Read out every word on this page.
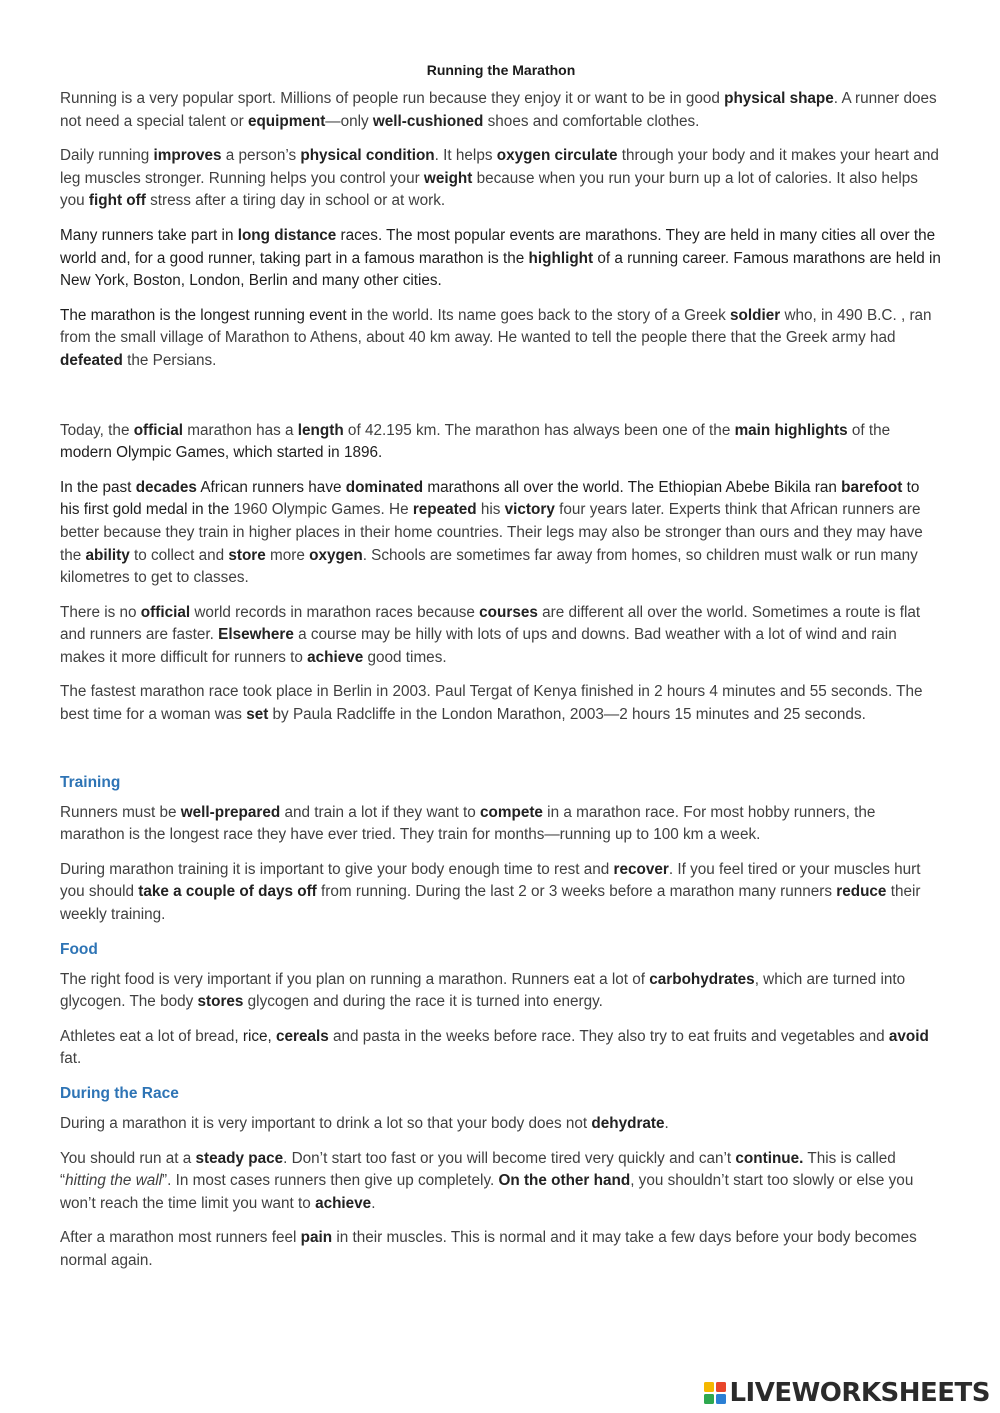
Running the Marathon

Running is a very popular sport. Millions of people run because they enjoy it or want to be in good physical shape. A runner does not need a special talent or equipment—only well-cushioned shoes and comfortable clothes.

Daily running improves a person’s physical condition. It helps oxygen circulate through your body and it makes your heart and leg muscles stronger. Running helps you control your weight because when you run your burn up a lot of calories. It also helps you fight off stress after a tiring day in school or at work.

Many runners take part in long distance races. The most popular events are marathons. They are held in many cities all over the world and, for a good runner, taking part in a famous marathon is the highlight of a running career. Famous marathons are held in New York, Boston, London, Berlin and many other cities.

The marathon is the longest running event in the world. Its name goes back to the story of a Greek soldier who, in 490 B.C. , ran from the small village of Marathon to Athens, about 40 km away. He wanted to tell the people there that the Greek army had defeated the Persians.

Today, the official marathon has a length of 42.195 km. The marathon has always been one of the main highlights of the modern Olympic Games, which started in 1896.

In the past decades African runners have dominated marathons all over the world. The Ethiopian Abebe Bikila ran barefoot to his first gold medal in the 1960 Olympic Games. He repeated his victory four years later. Experts think that African runners are better because they train in higher places in their home countries. Their legs may also be stronger than ours and they may have the ability to collect and store more oxygen. Schools are sometimes far away from homes, so children must walk or run many kilometres to get to classes.

There is no official world records in marathon races because courses are different all over the world. Sometimes a route is flat and runners are faster. Elsewhere a course may be hilly with lots of ups and downs. Bad weather with a lot of wind and rain makes it more difficult for runners to achieve good times.

The fastest marathon race took place in Berlin in 2003. Paul Tergat of Kenya finished in 2 hours 4 minutes and 55 seconds. The best time for a woman was set by Paula Radcliffe in the London Marathon, 2003—2 hours 15 minutes and 25 seconds.

Training

Runners must be well-prepared and train a lot if they want to compete in a marathon race. For most hobby runners, the marathon is the longest race they have ever tried. They train for months—running up to 100 km a week.

During marathon training it is important to give your body enough time to rest and recover. If you feel tired or your muscles hurt you should take a couple of days off from running. During the last 2 or 3 weeks before a marathon many runners reduce their weekly training.

Food

The right food is very important if you plan on running a marathon. Runners eat a lot of carbohydrates, which are turned into glycogen. The body stores glycogen and during the race it is turned into energy.

Athletes eat a lot of bread, rice, cereals and pasta in the weeks before race. They also try to eat fruits and vegetables and avoid fat.

During the Race

During a marathon it is very important to drink a lot so that your body does not dehydrate.

You should run at a steady pace. Don’t start too fast or you will become tired very quickly and can’t continue. This is called “hitting the wall”. In most cases runners then give up completely. On the other hand, you shouldn’t start too slowly or else you won’t reach the time limit you want to achieve.

After a marathon most runners feel pain in their muscles. This is normal and it may take a few days before your body becomes normal again.

LIVEWORKSHEETS
